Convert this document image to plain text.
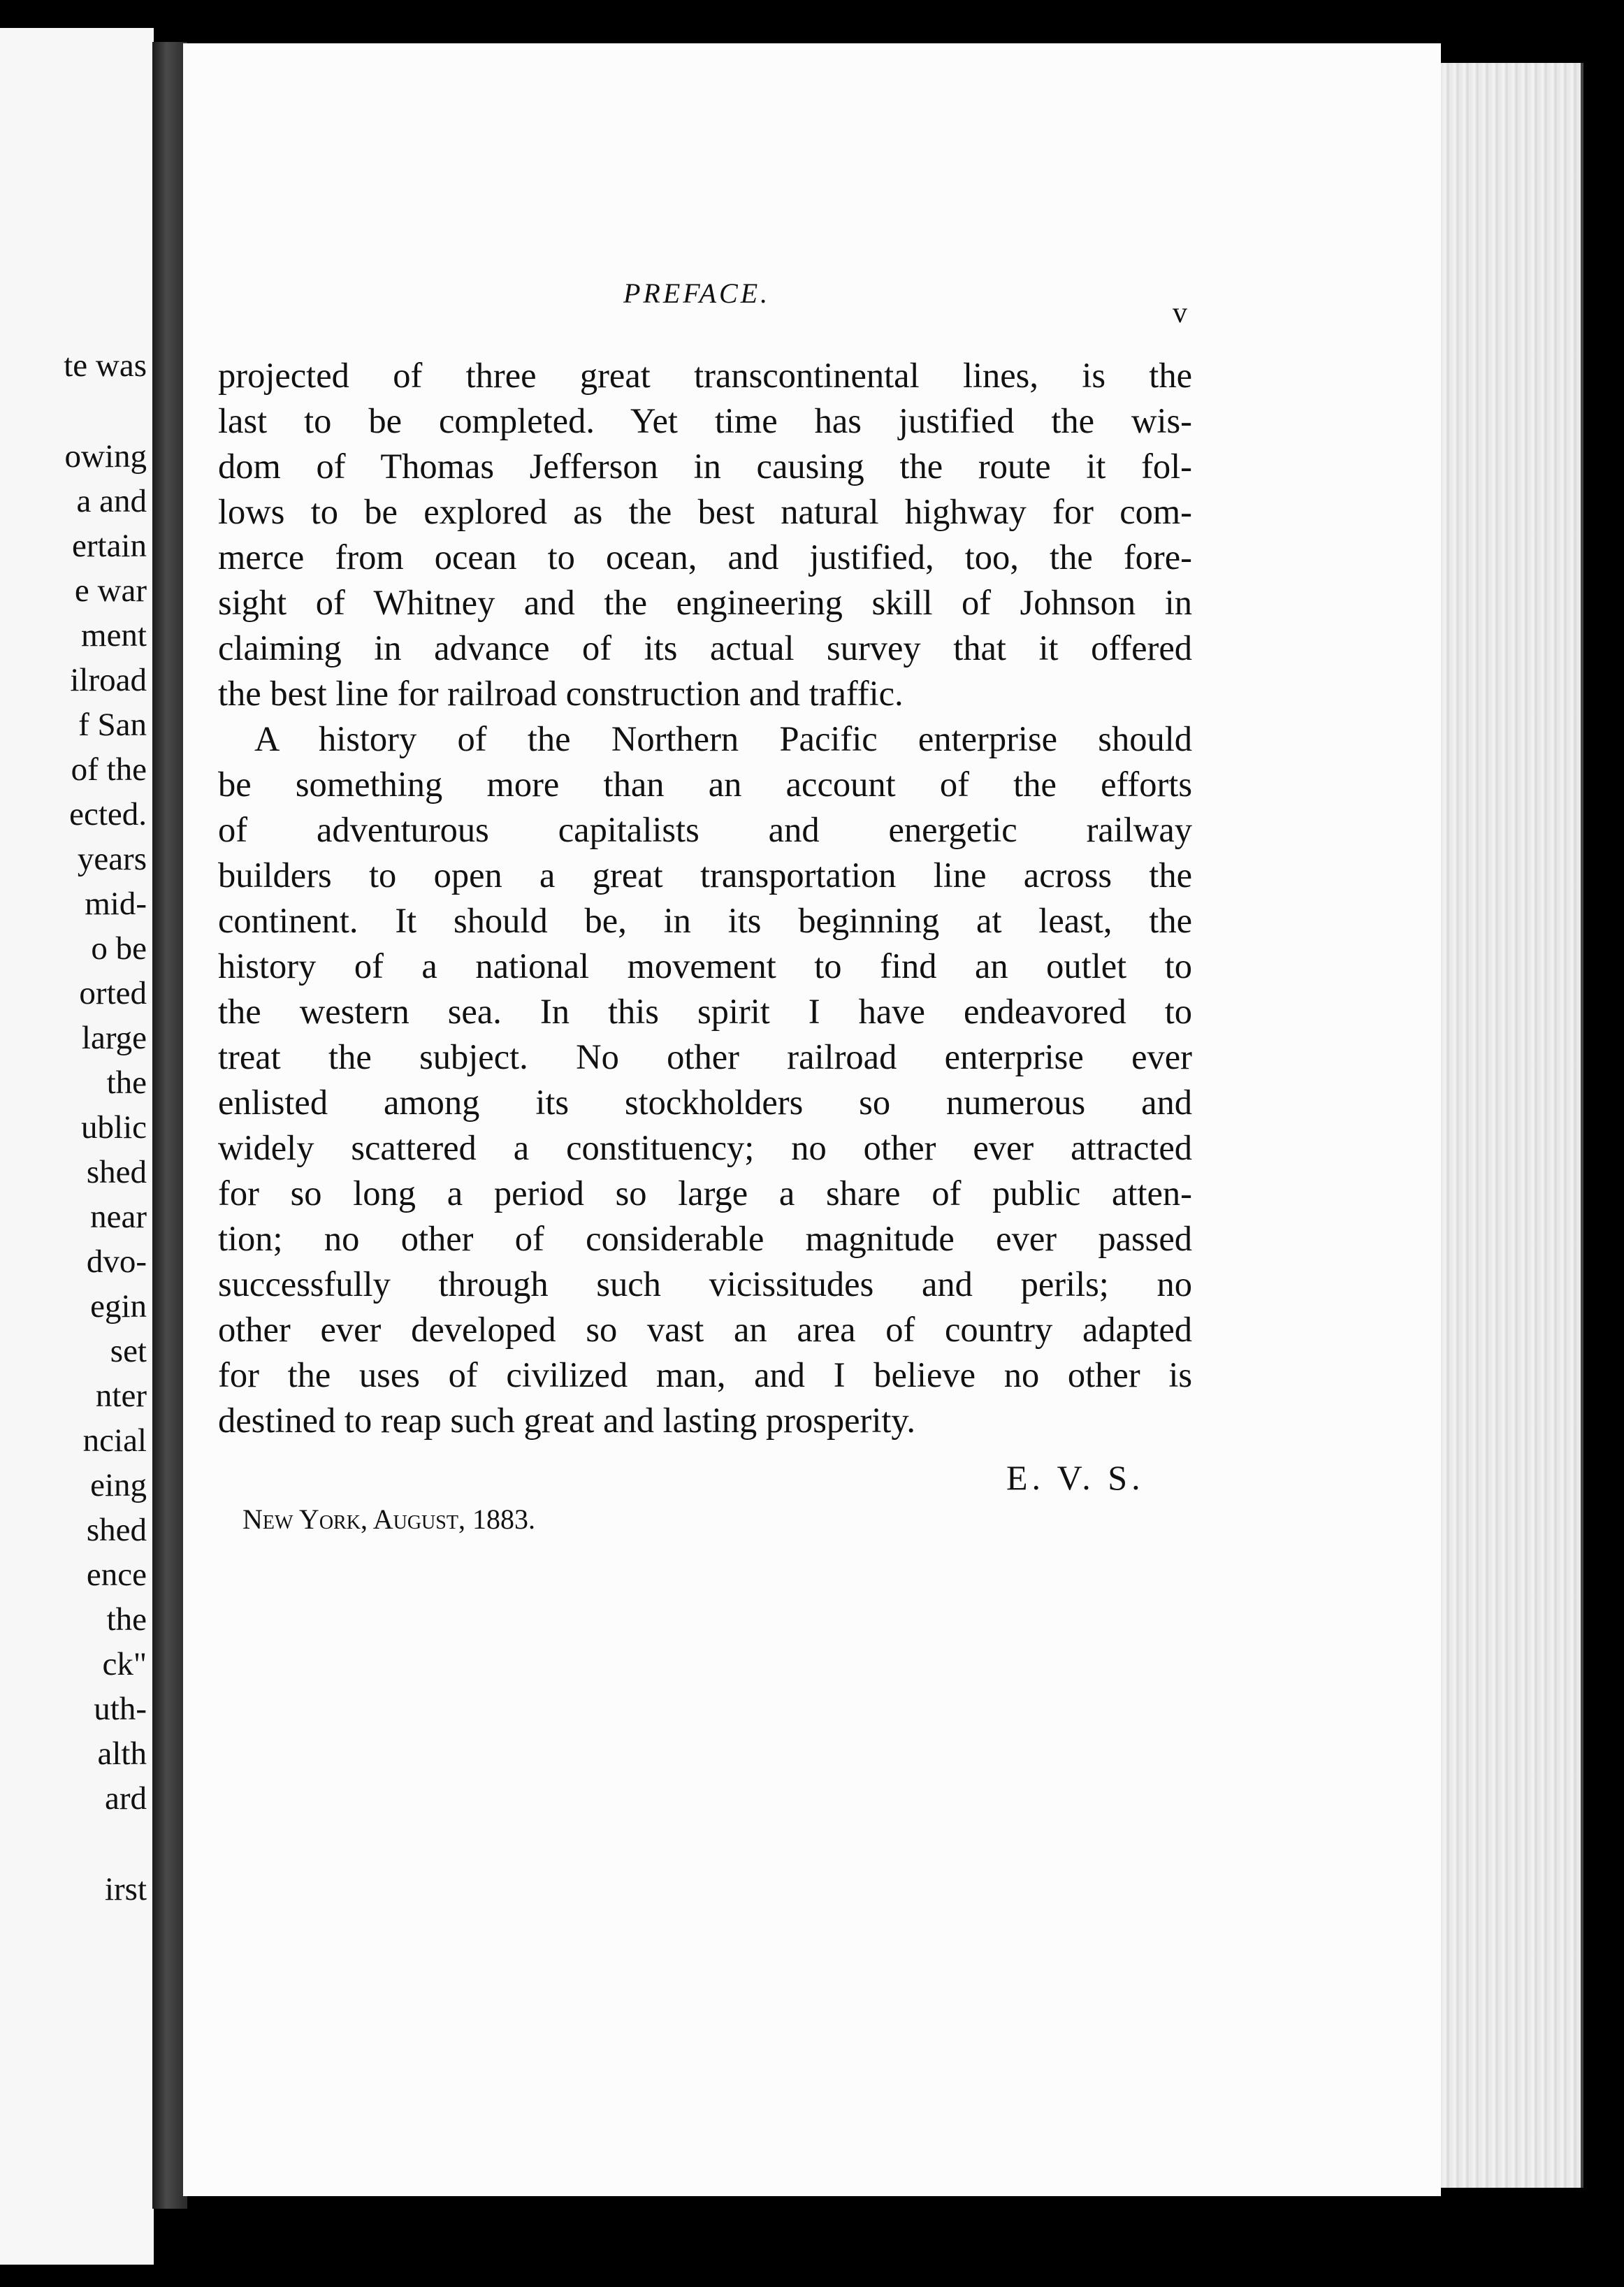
te was
owing
a and
ertain
e war
ment
ilroad
f San
of the
ected.
years
mid-
o be
orted
large
the
ublic
shed
near
dvo-
egin
set
nter
ncial
eing
shed
ence
the
ck"
uth-
alth
ard
irst
PREFACE.
v
projected of three great transcontinental lines, is the
last to be completed. Yet time has justified the wis-
dom of Thomas Jefferson in causing the route it fol-
lows to be explored as the best natural highway for com-
merce from ocean to ocean, and justified, too, the fore-
sight of Whitney and the engineering skill of Johnson in
claiming in advance of its actual survey that it offered
the best line for railroad construction and traffic.
A history of the Northern Pacific enterprise should
be something more than an account of the efforts
of adventurous capitalists and energetic railway
builders to open a great transportation line across the
continent. It should be, in its beginning at least, the
history of a national movement to find an outlet to
the western sea. In this spirit I have endeavored to
treat the subject. No other railroad enterprise ever
enlisted among its stockholders so numerous and
widely scattered a constituency; no other ever attracted
for so long a period so large a share of public atten-
tion; no other of considerable magnitude ever passed
successfully through such vicissitudes and perils; no
other ever developed so vast an area of country adapted
for the uses of civilized man, and I believe no other is
destined to reap such great and lasting prosperity.
E. V. S.
New York, August, 1883.
